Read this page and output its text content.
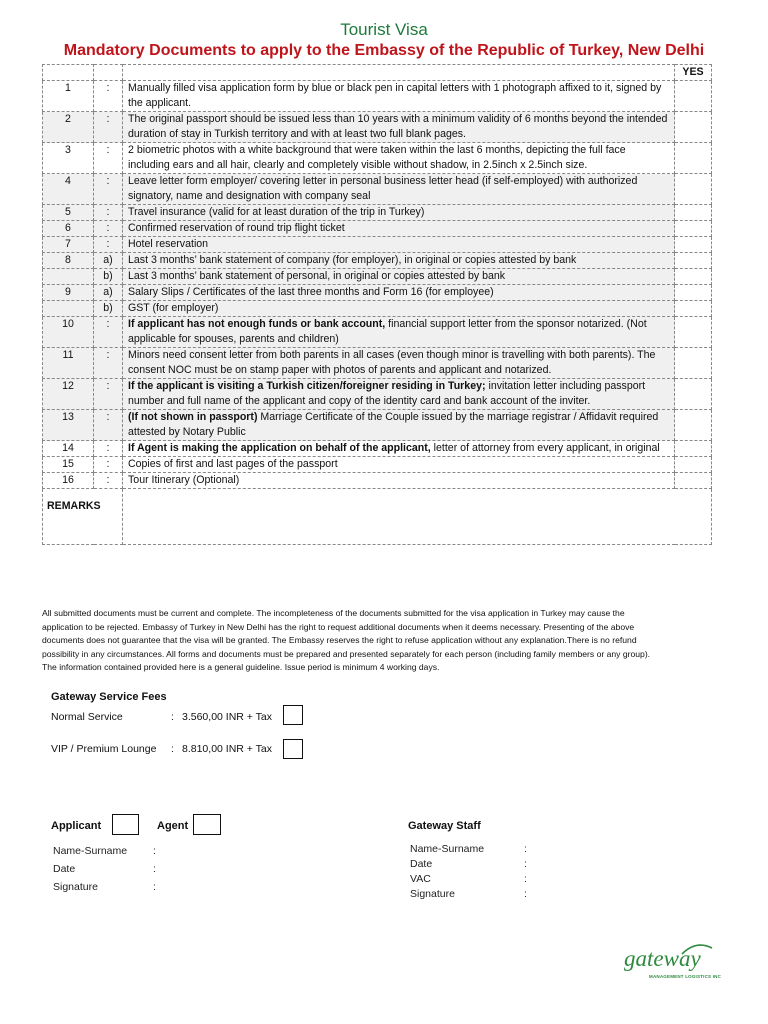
Tourist Visa
Mandatory Documents to apply to the Embassy of the Republic of Turkey, New Delhi
			YES
1	:	Manually filled visa application form by blue or black pen in capital letters with 1 photograph affixed to it, signed by the applicant.	
2	:	The original passport should be issued less than 10 years with a minimum validity of 6 months beyond the intended duration of stay in Turkish territory and with at least two full blank pages.	
3	:	2 biometric photos with a white background that were taken within the last 6 months, depicting the full face including ears and all hair, clearly and completely visible without shadow, in 2.5inch x 2.5inch size.	
4	:	Leave letter form employer/ covering letter in personal business letter head (if self-employed) with authorized signatory, name and designation with company seal	
5	:	Travel insurance (valid for at least duration of the trip in Turkey)	
6	:	Confirmed reservation of round trip flight ticket	
7	:	Hotel reservation	
8	a)	Last 3 months’ bank statement of company (for employer), in original or copies attested by bank	
	b)	Last 3 months’ bank statement of personal, in original or copies attested by bank	
9	a)	Salary Slips / Certificates of the last three months and Form 16 (for employee)	
	b)	GST (for employer)	
10	:	If applicant has not enough funds or bank account, financial support letter from the sponsor notarized. (Not applicable for spouses, parents and children)	
11	:	Minors need consent letter from both parents in all cases (even though minor is travelling with both parents). The consent NOC must be on stamp paper with photos of parents and applicant and notarized.	
12	:	If the applicant is visiting a Turkish citizen/foreigner residing in Turkey; invitation letter including passport number and full name of the applicant and copy of the identity card and bank account of the inviter.	
13	:	(If not shown in passport) Marriage Certificate of the Couple issued by the marriage registrar / Affidavit required attested by Notary Public	
14	:	If Agent is making the application on behalf of the applicant, letter of attorney from every applicant, in original	
15	:	Copies of first and last pages of the passport	
16	:	Tour Itinerary (Optional)	

REMARKS			

All submitted documents must be current and complete. The incompleteness of the documents submitted for the visa application in Turkey may cause the
application to be rejected. Embassy of Turkey in New Delhi has the right to request additional documents when it deems necessary. Presenting of the above
documents does not guarantee that the visa will be granted. The Embassy reserves the right to refuse application without any explanation.There is no refund
possibility in any circumstances. All forms and documents must be prepared and presented separately for each person (including family members or any group).
The information contained provided here is a general guideline. Issue period is minimum 4 working days.
Gateway Service Fees
Normal Service	: 3.560,00 INR + Tax
VIP / Premium Lounge : 8.810,00 INR + Tax
Applicant	Agent
Name-Surname :
Date	:
Signature	:
Gateway Staff
Name-Surname	:
Date	:
VAC	:
Signature	:
gateway
MANAGEMENT LOGISTICS INC
